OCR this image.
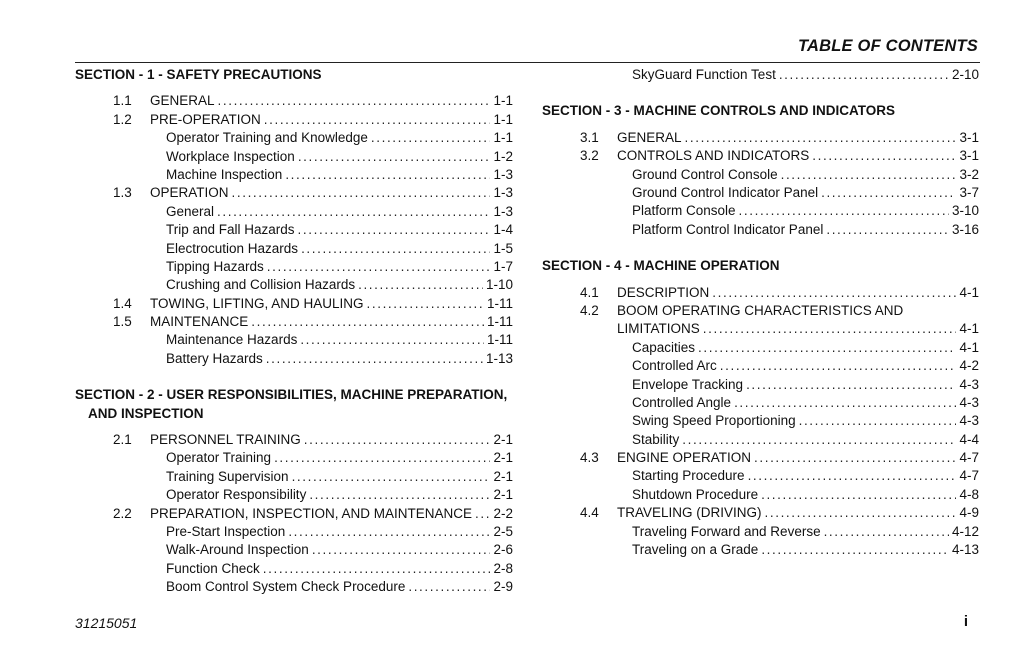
TABLE OF CONTENTS
SECTION - 1 - SAFETY PRECAUTIONS
1.1 GENERAL .....	1-1
1.2 PRE-OPERATION .....	1-1
Operator Training and Knowledge .....	1-1
Workplace Inspection .....	1-2
Machine Inspection .....	1-3
1.3 OPERATION .....	1-3
General .....	1-3
Trip and Fall Hazards .....	1-4
Electrocution Hazards .....	1-5
Tipping Hazards .....	1-7
Crushing and Collision Hazards .....	1-10
1.4 TOWING, LIFTING, AND HAULING .....	1-11
1.5 MAINTENANCE .....	1-11
Maintenance Hazards .....	1-11
Battery Hazards .....	1-13
SECTION - 2 - USER RESPONSIBILITIES, MACHINE PREPARATION,
AND INSPECTION
2.1 PERSONNEL TRAINING .....	2-1
Operator Training .....	2-1
Training Supervision .....	2-1
Operator Responsibility .....	2-1
2.2 PREPARATION, INSPECTION, AND MAINTENANCE ..... 2-2
Pre-Start Inspection .....	2-5
Walk-Around Inspection .....	2-6
Function Check .....	2-8
Boom Control System Check Procedure .....	2-9
SkyGuard Function Test .....	2-10
SECTION - 3 - MACHINE CONTROLS AND INDICATORS
3.1 GENERAL .....	3-1
3.2 CONTROLS AND INDICATORS .....	3-1
Ground Control Console .....	3-2
Ground Control Indicator Panel .....	3-7
Platform Console .....	3-10
Platform Control Indicator Panel .....	3-16
SECTION - 4 - MACHINE OPERATION
4.1 DESCRIPTION .....	4-1
4.2 BOOM OPERATING CHARACTERISTICS AND
LIMITATIONS .....	4-1
Capacities .....	4-1
Controlled Arc .....	4-2
Envelope Tracking .....	4-3
Controlled Angle .....	4-3
Swing Speed Proportioning .....	4-3
Stability .....	4-4
4.3 ENGINE OPERATION .....	4-7
Starting Procedure .....	4-7
Shutdown Procedure .....	4-8
4.4 TRAVELING (DRIVING) .....	4-9
Traveling Forward and Reverse .....	4-12
Traveling on a Grade .....	4-13
31215051	i
